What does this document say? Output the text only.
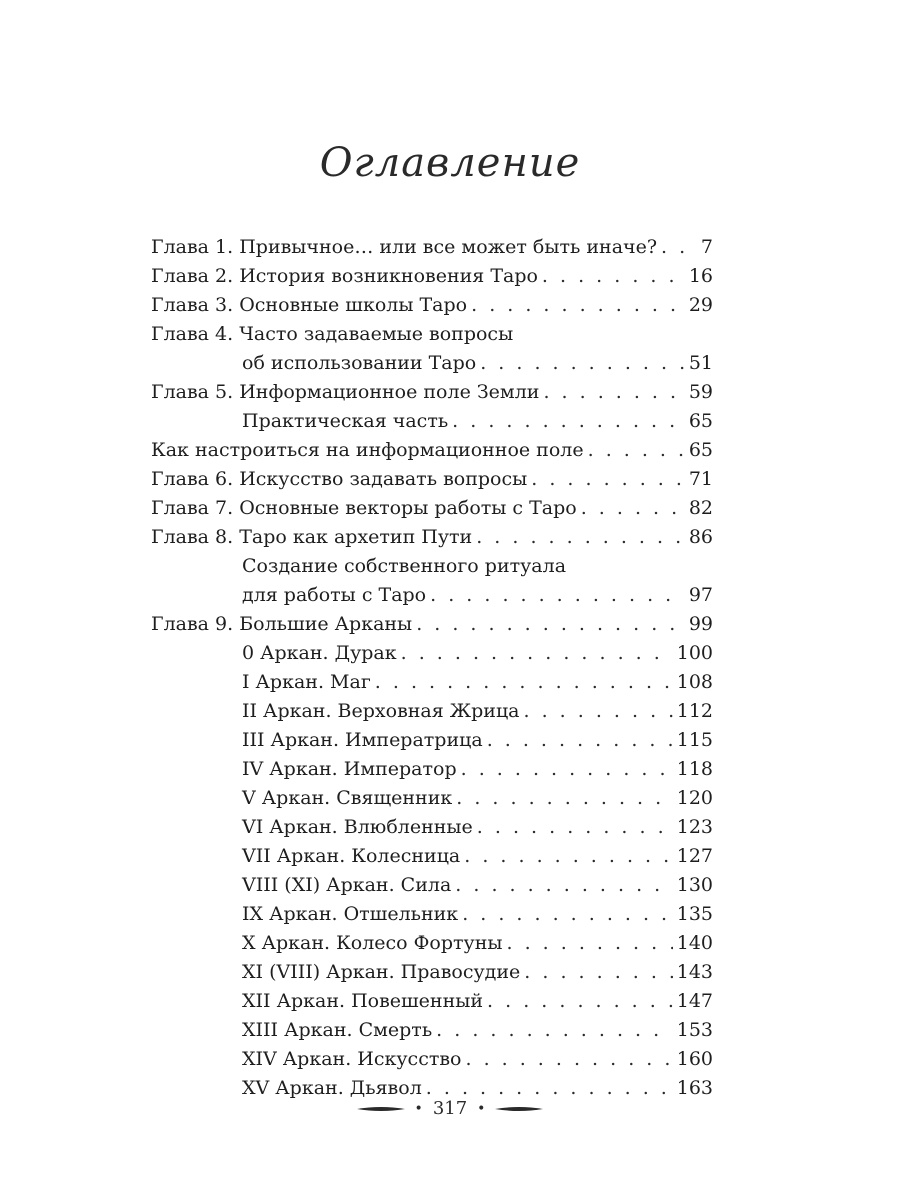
Оглавление
Глава 1. Привычное… или все может быть иначе? . . . 7
Глава 2. История возникновения Таро . . .	16
Глава 3. Основные школы Таро . . .	29
Глава 4. Часто задаваемые вопросы
об использовании Таро . . .	51
Глава 5. Информационное поле Земли . . .	59
Практическая часть . . .	65
Как настроиться на информационное поле . . .	65
Глава 6. Искусство задавать вопросы . . .	71
Глава 7. Основные векторы работы с Таро . . .	82
Глава 8. Таро как архетип Пути . . .	86
Создание собственного ритуала
для работы с Таро . . .	97
Глава 9. Большие Арканы . . .	99
0 Аркан. Дурак . . .	100
I Аркан. Маг . . .	108
II Аркан. Верховная Жрица . . .	112
III Аркан. Императрица . . .	115
IV Аркан. Император . . .	118
V Аркан. Священник . . .	120
VI Аркан. Влюбленные . . .	123
VII Аркан. Колесница . . .	127
VIII (XI) Аркан. Сила . . .	130
IX Аркан. Отшельник . . .	135
X Аркан. Колесо Фортуны . . .	140
XI (VIII) Аркан. Правосудие . . .	143
XII Аркан. Повешенный . . .	147
XIII Аркан. Смерть . . .	153
XIV Аркан. Искусство . . .	160
XV Аркан. Дьявол . . .	163
• 317 •
